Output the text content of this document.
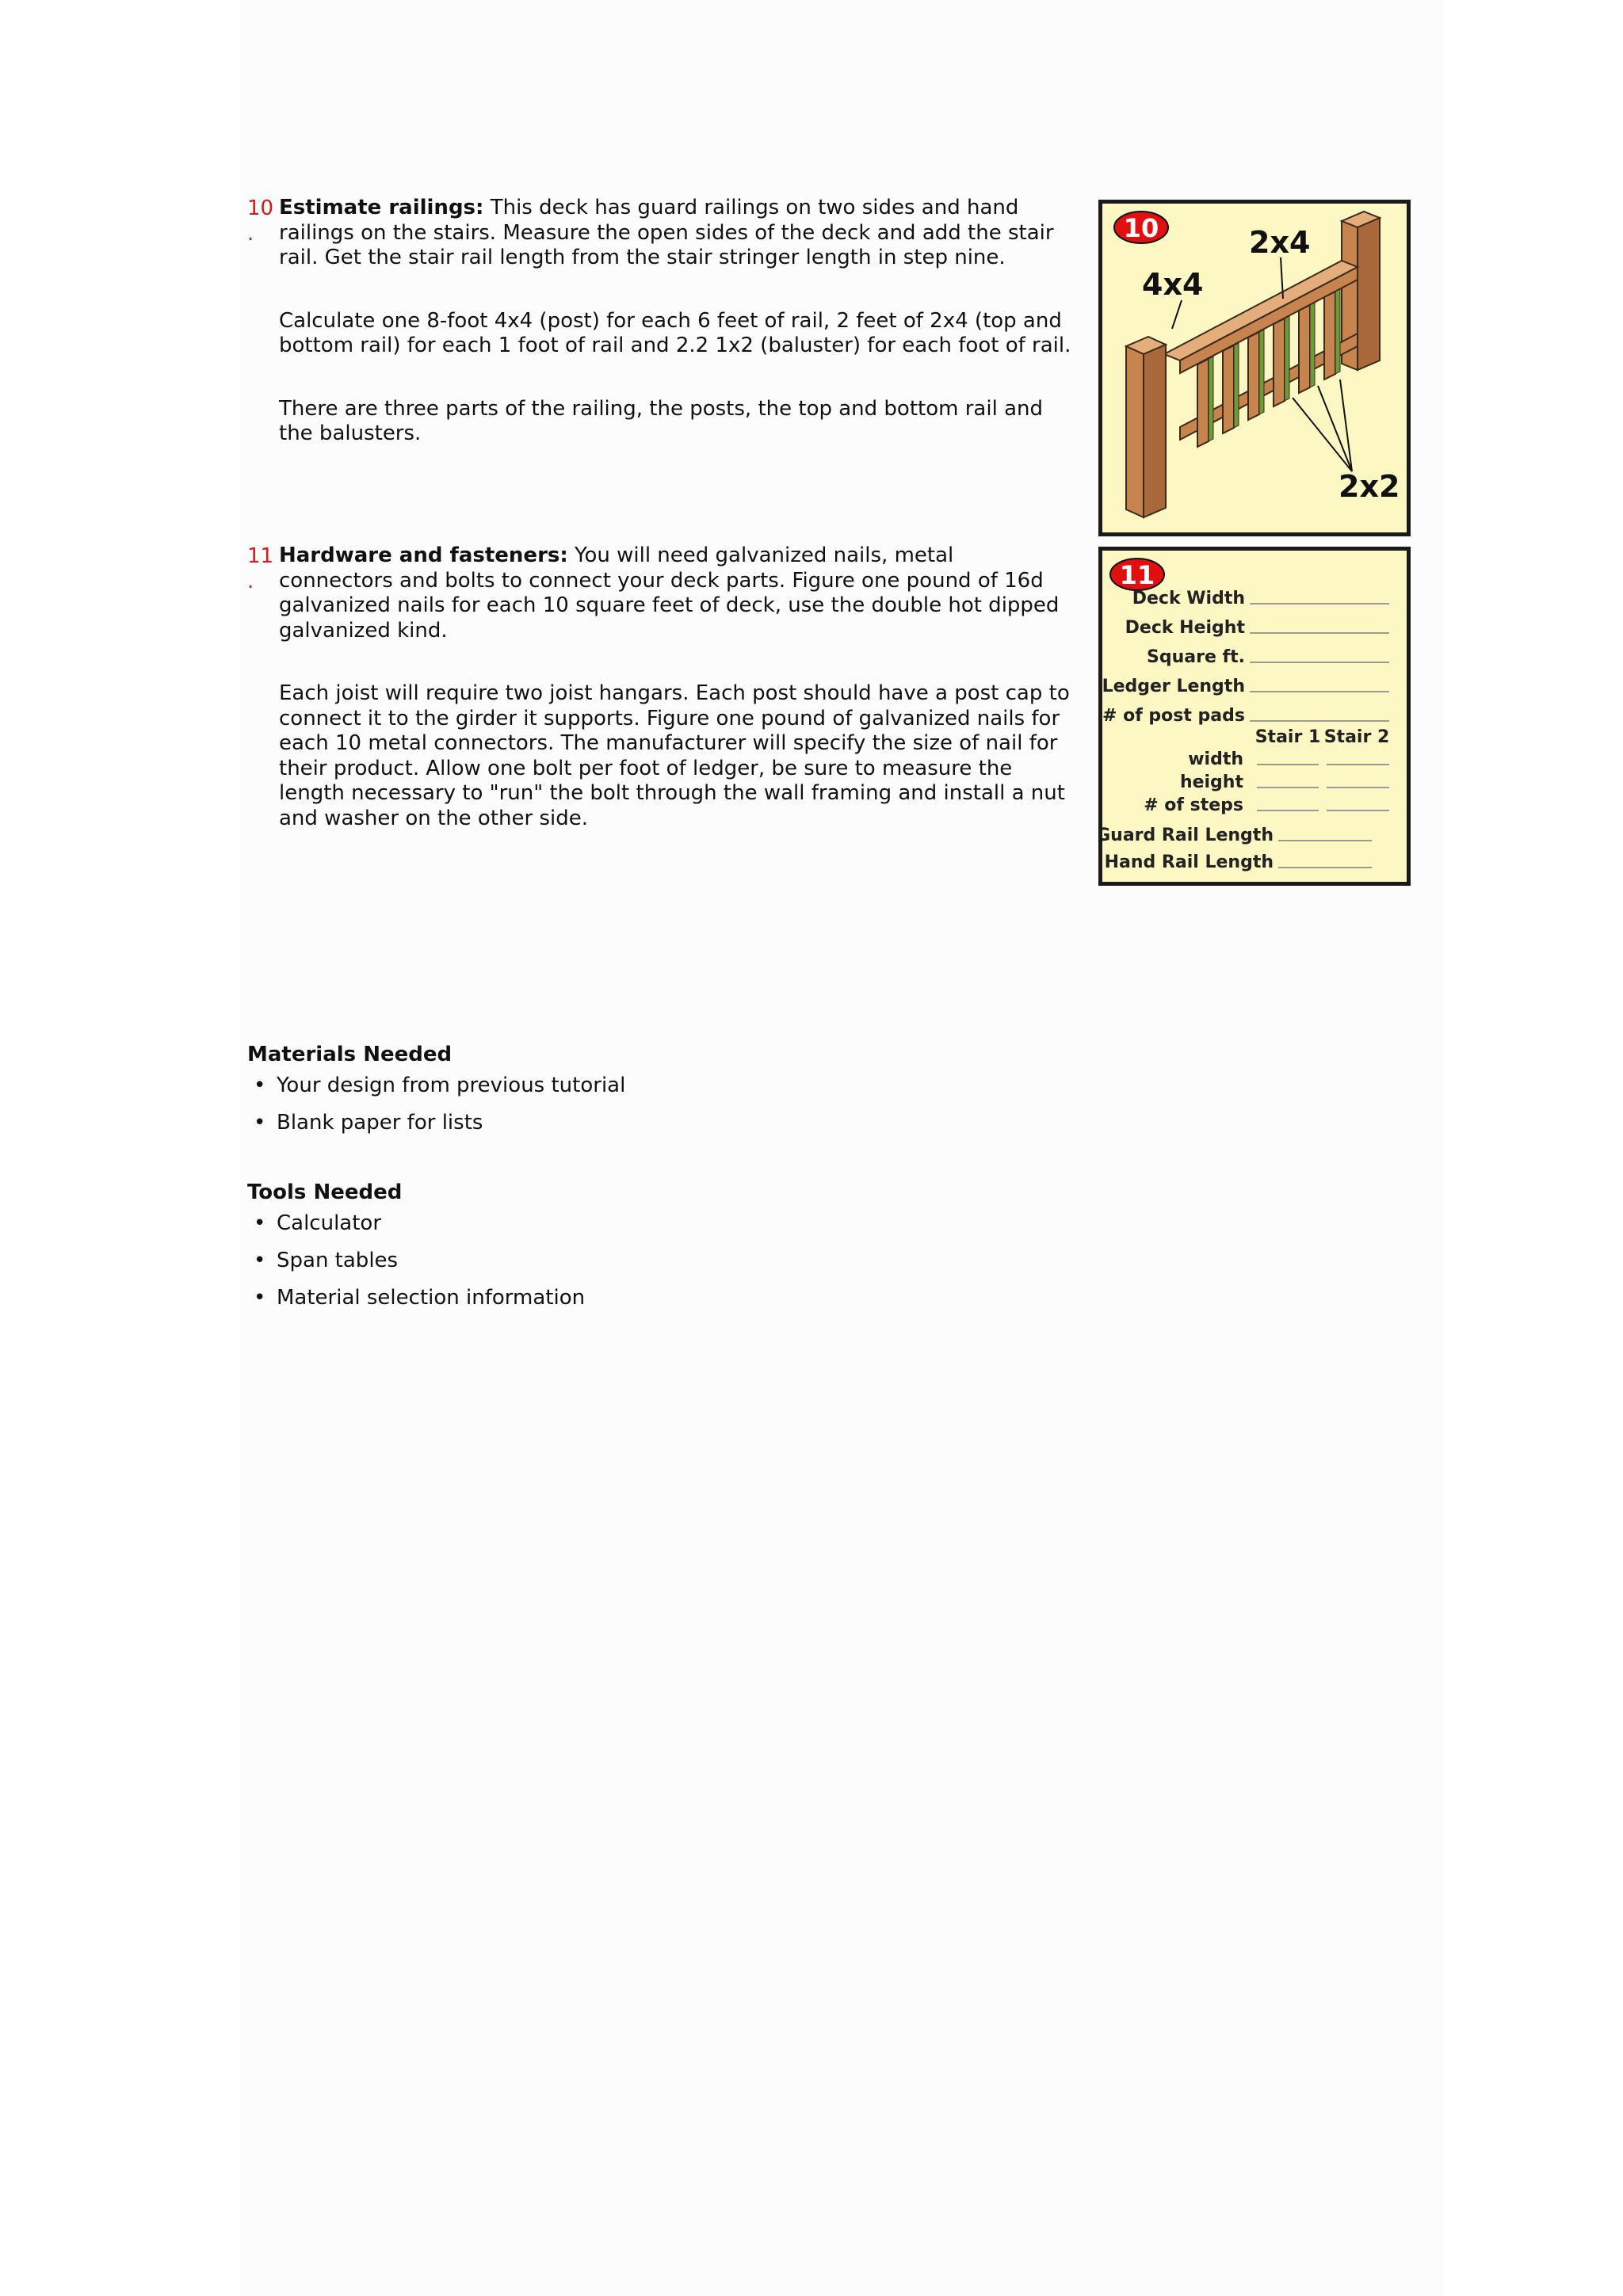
10
.

Estimate railings: This deck has guard railings on two sides and hand railings on the stairs. Measure the open sides of the deck and add the stair rail. Get the stair rail length from the stair stringer length in step nine.

Calculate one 8-foot 4x4 (post) for each 6 feet of rail, 2 feet of 2x4 (top and bottom rail) for each 1 foot of rail and 2.2 1x2 (baluster) for each foot of rail.

There are three parts of the railing, the posts, the top and bottom rail and the balusters.

10	2x4
4x4
2x2
11
.

Hardware and fasteners: You will need galvanized nails, metal connectors and bolts to connect your deck parts. Figure one pound of 16d galvanized nails for each 10 square feet of deck, use the double hot dipped galvanized kind.

Each joist will require two joist hangars. Each post should have a post cap to connect it to the girder it supports. Figure one pound of galvanized nails for each 10 metal connectors. The manufacturer will specify the size of nail for their product. Allow one bolt per foot of ledger, be sure to measure the length necessary to "run" the bolt through the wall framing and install a nut and washer on the other side.

11
Deck Width
Deck Height
Square ft.
Ledger Length
# of post pads
Stair 1 Stair 2
width
height
# of steps
Guard Rail Length
Hand Rail Length
Materials Needed
• Your design from previous tutorial
• Blank paper for lists
Tools Needed
• Calculator
• Span tables
• Material selection information
